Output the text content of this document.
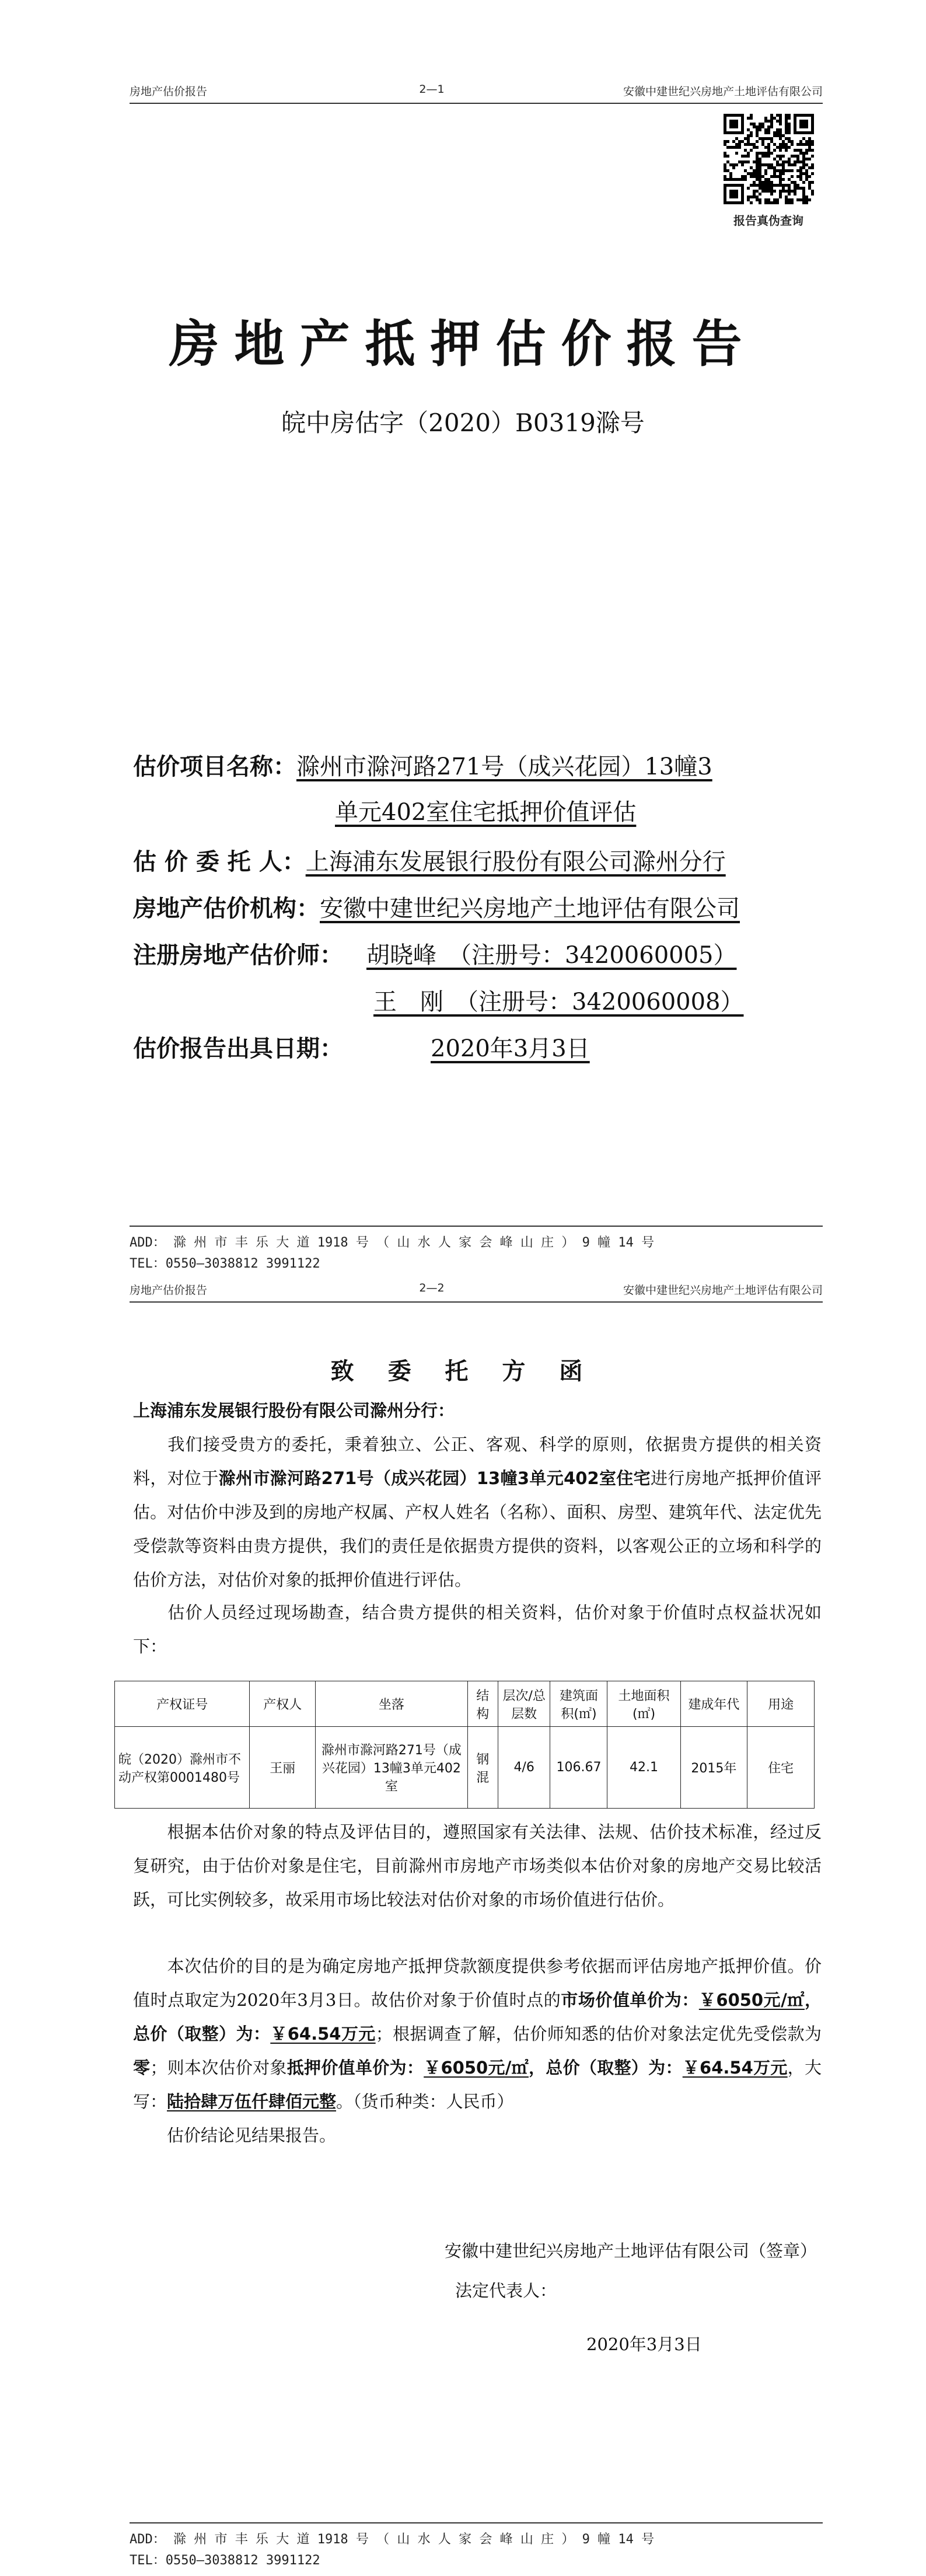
房地产估价报告	2—1	安徽中建世纪兴房地产土地评估有限公司
报告真伪查询
房地产抵押估价报告
皖中房估字（2020）B0319滁号
估价项目名称：滁州市滁河路271号（成兴花园）13幢3
单元402室住宅抵押价值评估
估 价 委 托 人：上海浦东发展银行股份有限公司滁州分行
房地产估价机构：安徽中建世纪兴房地产土地评估有限公司
注册房地产估价师： 胡晓峰　（注册号：3420060005）
王　刚　（注册号：3420060008）
估价报告出具日期：	2020年3月3日
ADD： 滁 州 市 丰 乐 大 道 1918 号 （ 山 水 人 家 会 峰 山 庄 ） 9 幢 14 号
TEL：0550—3038812 3991122
房地产估价报告	2—2	安徽中建世纪兴房地产土地评估有限公司
致 委 托 方 函
上海浦东发展银行股份有限公司滁州分行：
我们接受贵方的委托，秉着独立、公正、客观、科学的原则，依据贵方提供的相关资料，对位于滁州市滁河路271号（成兴花园）13幢3单元402室住宅进行房地产抵押价值评估。对估价中涉及到的房地产权属、产权人姓名（名称）、面积、房型、建筑年代、法定优先受偿款等资料由贵方提供，我们的责任是依据贵方提供的资料，以客观公正的立场和科学的估价方法，对估价对象的抵押价值进行评估。
估价人员经过现场勘查，结合贵方提供的相关资料，估价对象于价值时点权益状况如下：
产权证号	产权人	坐落	结构	层次/总层数	建筑面积(㎡)	土地面积(㎡)	建成年代	用途
皖（2020）滁州市不动产权第0001480号	王丽	滁州市滁河路271号（成兴花园）13幢3单元402室	钢混	4/6	106.67	42.1	2015年	住宅
根据本估价对象的特点及评估目的，遵照国家有关法律、法规、估价技术标准，经过反复研究，由于估价对象是住宅，目前滁州市房地产市场类似本估价对象的房地产交易比较活跃，可比实例较多，故采用市场比较法对估价对象的市场价值进行估价。
本次估价的目的是为确定房地产抵押贷款额度提供参考依据而评估房地产抵押价值。价值时点取定为2020年3月3日。故估价对象于价值时点的市场价值单价为：￥6050元/㎡，总价（取整）为：￥64.54万元；根据调查了解，估价师知悉的估价对象法定优先受偿款为零；则本次估价对象抵押价值单价为：￥6050元/㎡，总价（取整）为：￥64.54万元，大写：陆拾肆万伍仟肆佰元整。（货币种类：人民币）
估价结论见结果报告。
安徽中建世纪兴房地产土地评估有限公司（签章）
法定代表人：
2020年3月3日
ADD： 滁 州 市 丰 乐 大 道 1918 号 （ 山 水 人 家 会 峰 山 庄 ） 9 幢 14 号
TEL：0550—3038812 3991122
